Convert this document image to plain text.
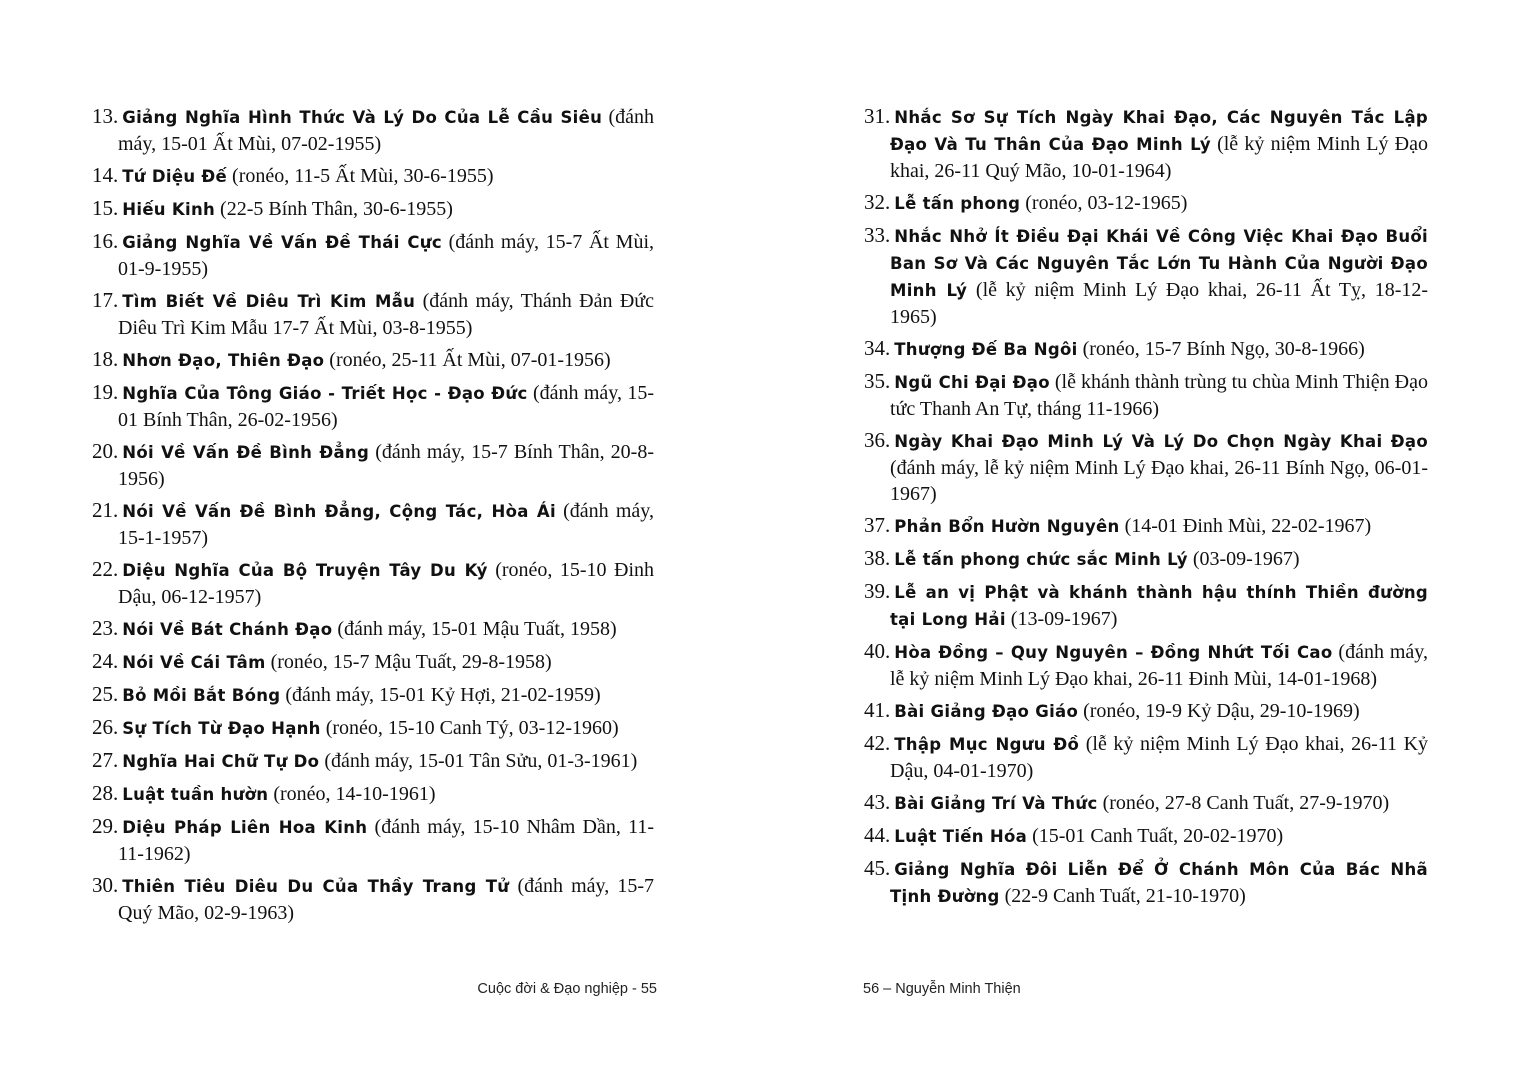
13. Giảng Nghĩa Hình Thức Và Lý Do Của Lễ Cầu Siêu (đánh máy, 15-01 Ất Mùi, 07-02-1955)

14. Tứ Diệu Đế (ronéo, 11-5 Ất Mùi, 30-6-1955)

15. Hiếu Kinh (22-5 Bính Thân, 30-6-1955)

16. Giảng Nghĩa Về Vấn Đề Thái Cực (đánh máy, 15-7 Ất Mùi, 01-9-1955)

17. Tìm Biết Về Diêu Trì Kim Mẫu (đánh máy, Thánh Đản Đức Diêu Trì Kim Mẫu 17-7 Ất Mùi, 03-8-1955)

18. Nhơn Đạo, Thiên Đạo (ronéo, 25-11 Ất Mùi, 07-01-1956)

19. Nghĩa Của Tông Giáo - Triết Học - Đạo Đức (đánh máy, 15-01 Bính Thân, 26-02-1956)

20. Nói Về Vấn Đề Bình Đẳng (đánh máy, 15-7 Bính Thân, 20-8-1956)

21. Nói Về Vấn Đề Bình Đẳng, Cộng Tác, Hòa Ái (đánh máy, 15-1-1957)

22. Diệu Nghĩa Của Bộ Truyện Tây Du Ký (ronéo, 15-10 Đinh Dậu, 06-12-1957)

23. Nói Về Bát Chánh Đạo (đánh máy, 15-01 Mậu Tuất, 1958)

24. Nói Về Cái Tâm (ronéo, 15-7 Mậu Tuất, 29-8-1958)

25. Bỏ Mồi Bắt Bóng (đánh máy, 15-01 Kỷ Hợi, 21-02-1959)

26. Sự Tích Từ Đạo Hạnh (ronéo, 15-10 Canh Tý, 03-12-1960)

27. Nghĩa Hai Chữ Tự Do (đánh máy, 15-01 Tân Sửu, 01-3-1961)

28. Luật tuần hườn (ronéo, 14-10-1961)

29. Diệu Pháp Liên Hoa Kinh (đánh máy, 15-10 Nhâm Dần, 11-11-1962)

30. Thiên Tiêu Diêu Du Của Thầy Trang Tử (đánh máy, 15-7 Quý Mão, 02-9-1963)

Cuộc đời & Đạo nghiệp - 55

31. Nhắc Sơ Sự Tích Ngày Khai Đạo, Các Nguyên Tắc Lập Đạo Và Tu Thân Của Đạo Minh Lý (lễ kỷ niệm Minh Lý Đạo khai, 26-11 Quý Mão, 10-01-1964)

32. Lễ tấn phong (ronéo, 03-12-1965)

33. Nhắc Nhở Ít Điều Đại Khái Về Công Việc Khai Đạo Buổi Ban Sơ Và Các Nguyên Tắc Lớn Tu Hành Của Người Đạo Minh Lý (lễ kỷ niệm Minh Lý Đạo khai, 26-11 Ất Tỵ, 18-12-1965)

34. Thượng Đế Ba Ngôi (ronéo, 15-7 Bính Ngọ, 30-8-1966)

35. Ngũ Chi Đại Đạo (lễ khánh thành trùng tu chùa Minh Thiện Đạo tức Thanh An Tự, tháng 11-1966)

36. Ngày Khai Đạo Minh Lý Và Lý Do Chọn Ngày Khai Đạo (đánh máy, lễ kỷ niệm Minh Lý Đạo khai, 26-11 Bính Ngọ, 06-01-1967)

37. Phản Bổn Hườn Nguyên (14-01 Đinh Mùi, 22-02-1967)

38. Lễ tấn phong chức sắc Minh Lý (03-09-1967)

39. Lễ an vị Phật và khánh thành hậu thính Thiền đường tại Long Hải (13-09-1967)

40. Hòa Đồng – Quy Nguyên – Đồng Nhứt Tối Cao (đánh máy, lễ kỷ niệm Minh Lý Đạo khai, 26-11 Đinh Mùi, 14-01-1968)

41. Bài Giảng Đạo Giáo (ronéo, 19-9 Kỷ Dậu, 29-10-1969)

42. Thập Mục Ngưu Đồ (lễ kỷ niệm Minh Lý Đạo khai, 26-11 Kỷ Dậu, 04-01-1970)

43. Bài Giảng Trí Và Thức (ronéo, 27-8 Canh Tuất, 27-9-1970)

44. Luật Tiến Hóa (15-01 Canh Tuất, 20-02-1970)

45. Giảng Nghĩa Đôi Liễn Để Ở Chánh Môn Của Bác Nhã Tịnh Đường (22-9 Canh Tuất, 21-10-1970)

56 – Nguyễn Minh Thiện
